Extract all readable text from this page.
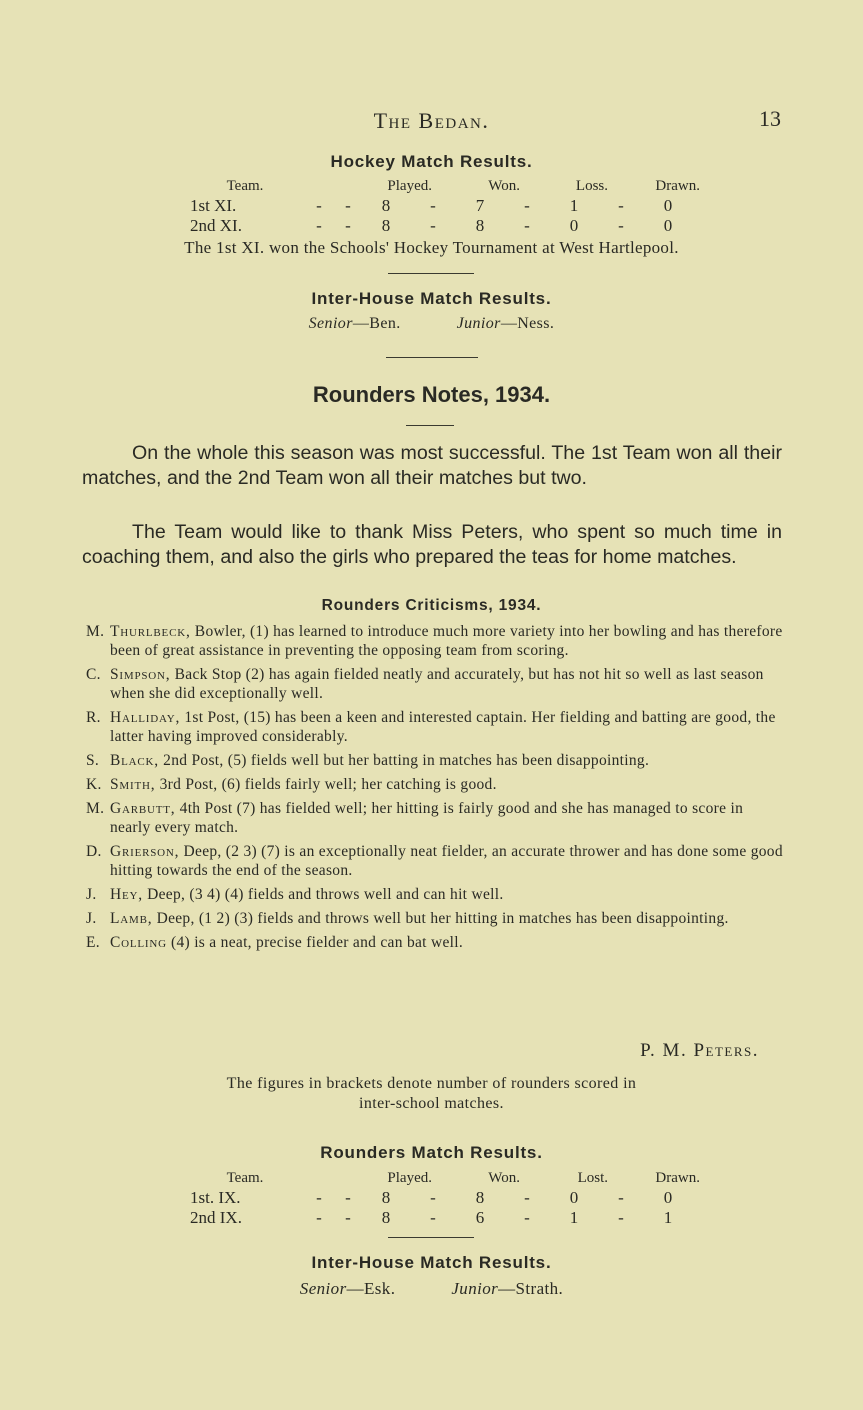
The Bedan.	13
Hockey Match Results.
Team.	Played.	Won.	Loss.	Drawn.
1st XI.	-	-	8	-	7	-	1	-	0
2nd XI.	-	-	8	-	8	-	0	-	0
The 1st XI. won the Schools' Hockey Tournament at West Hartlepool.
Inter-House Match Results.
Senior—Ben.	Junior—Ness.
Rounders Notes, 1934.
On the whole this season was most successful. The 1st Team won all their matches, and the 2nd Team won all their matches but two.
The Team would like to thank Miss Peters, who spent so much time in coaching them, and also the girls who prepared the teas for home matches.
Rounders Criticisms, 1934.
M. Thurlbeck, Bowler, (1) has learned to introduce much more variety into her bowling and has therefore been of great assistance in preventing the opposing team from scoring.
C. Simpson, Back Stop (2) has again fielded neatly and accurately, but has not hit so well as last season when she did exceptionally well.
R. Halliday, 1st Post, (15) has been a keen and interested captain. Her fielding and batting are good, the latter having improved considerably.
S. Black, 2nd Post, (5) fields well but her batting in matches has been disappointing.
K. Smith, 3rd Post, (6) fields fairly well; her catching is good.
M. Garbutt, 4th Post (7) has fielded well; her hitting is fairly good and she has managed to score in nearly every match.
D. Grierson, Deep, (2 3) (7) is an exceptionally neat fielder, an accurate thrower and has done some good hitting towards the end of the season.
J. Hey, Deep, (3 4) (4) fields and throws well and can hit well.
J. Lamb, Deep, (1 2) (3) fields and throws well but her hitting in matches has been disappointing.
E. Colling (4) is a neat, precise fielder and can bat well.
P. M. Peters.
The figures in brackets denote number of rounders scored in
inter-school matches.
Rounders Match Results.
Team.	Played.	Won.	Lost.	Drawn.
1st. IX.	-	-	8	-	8	-	0	-	0
2nd IX.	-	-	8	-	6	-	1	-	1
Inter-House Match Results.
Senior—Esk.	Junior—Strath.
